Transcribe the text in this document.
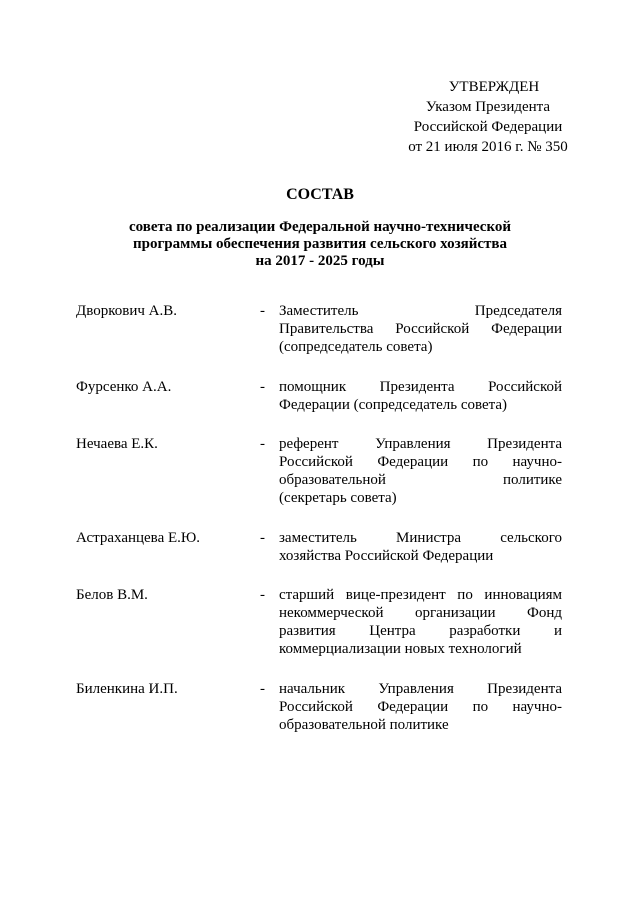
УТВЕРЖДЕН
Указом Президента
Российской Федерации
от 21 июля 2016 г. № 350
СОСТАВ
совета по реализации Федеральной научно-технической
программы обеспечения развития сельского хозяйства
на 2017 - 2025 годы
Дворкович А.В.	- Заместитель Председателя
Правительства Российской Федерации
(сопредседатель совета)
Фурсенко А.А.	- помощник Президента Российской
Федерации (сопредседатель совета)
Нечаева Е.К.	- референт Управления Президента
Российской Федерации по научно-
образовательной политике
(секретарь совета)
Астраханцева Е.Ю.	- заместитель Министра сельского
хозяйства Российской Федерации
Белов В.М.	- старший вице-президент по инновациям
некоммерческой организации Фонд
развития Центра разработки и
коммерциализации новых технологий
Биленкина И.П.	- начальник Управления Президента
Российской Федерации по научно-
образовательной политике
